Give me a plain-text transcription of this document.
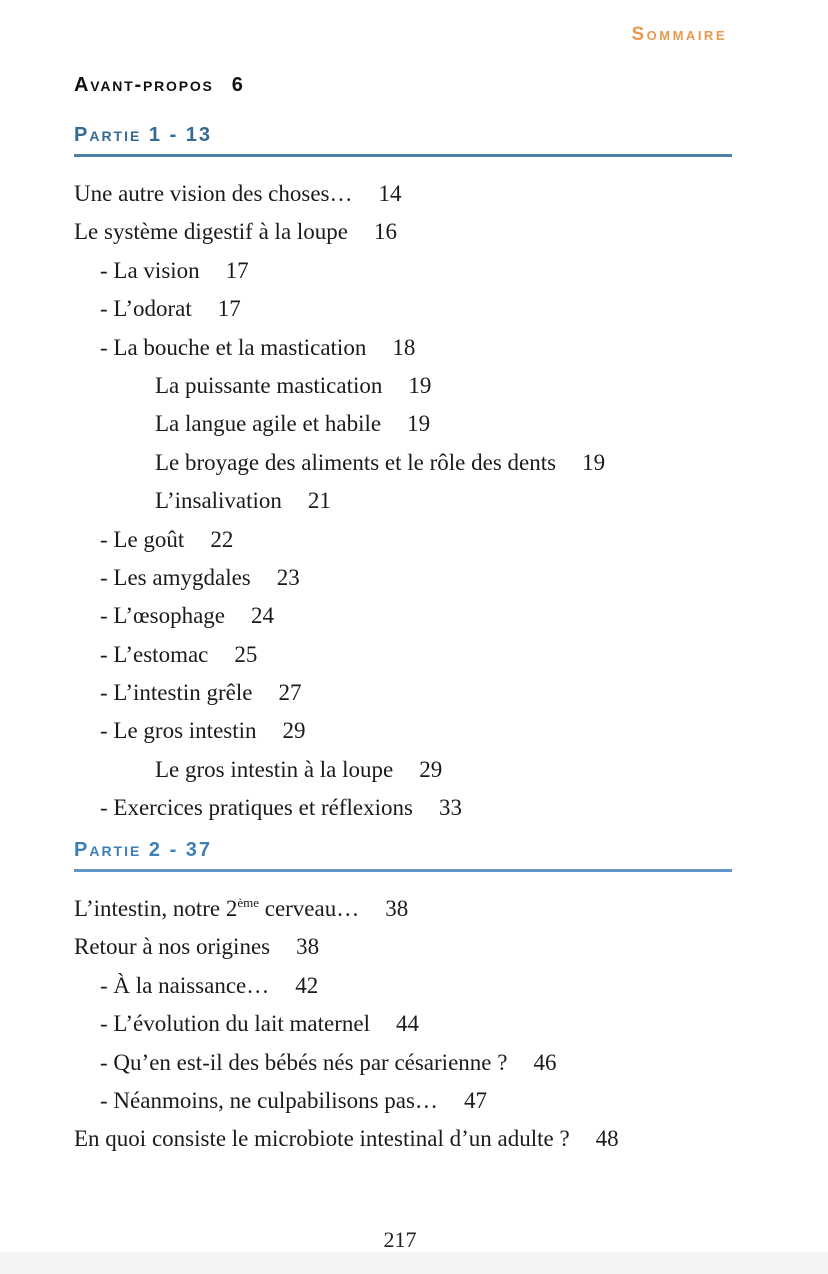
Sommaire
Avant-propos 6
Partie 1 - 13
Une autre vision des choses… 14
Le système digestif à la loupe 16
- La vision 17
- L’odorat 17
- La bouche et la mastication 18
La puissante mastication 19
La langue agile et habile 19
Le broyage des aliments et le rôle des dents 19
L’insalivation 21
- Le goût 22
- Les amygdales 23
- L’œsophage 24
- L’estomac 25
- L’intestin grêle 27
- Le gros intestin 29
Le gros intestin à la loupe 29
- Exercices pratiques et réflexions 33
Partie 2 - 37
L’intestin, notre 2ème cerveau… 38
Retour à nos origines 38
- À la naissance… 42
- L’évolution du lait maternel 44
- Qu’en est-il des bébés nés par césarienne ? 46
- Néanmoins, ne culpabilisons pas… 47
En quoi consiste le microbiote intestinal d’un adulte ? 48
217
